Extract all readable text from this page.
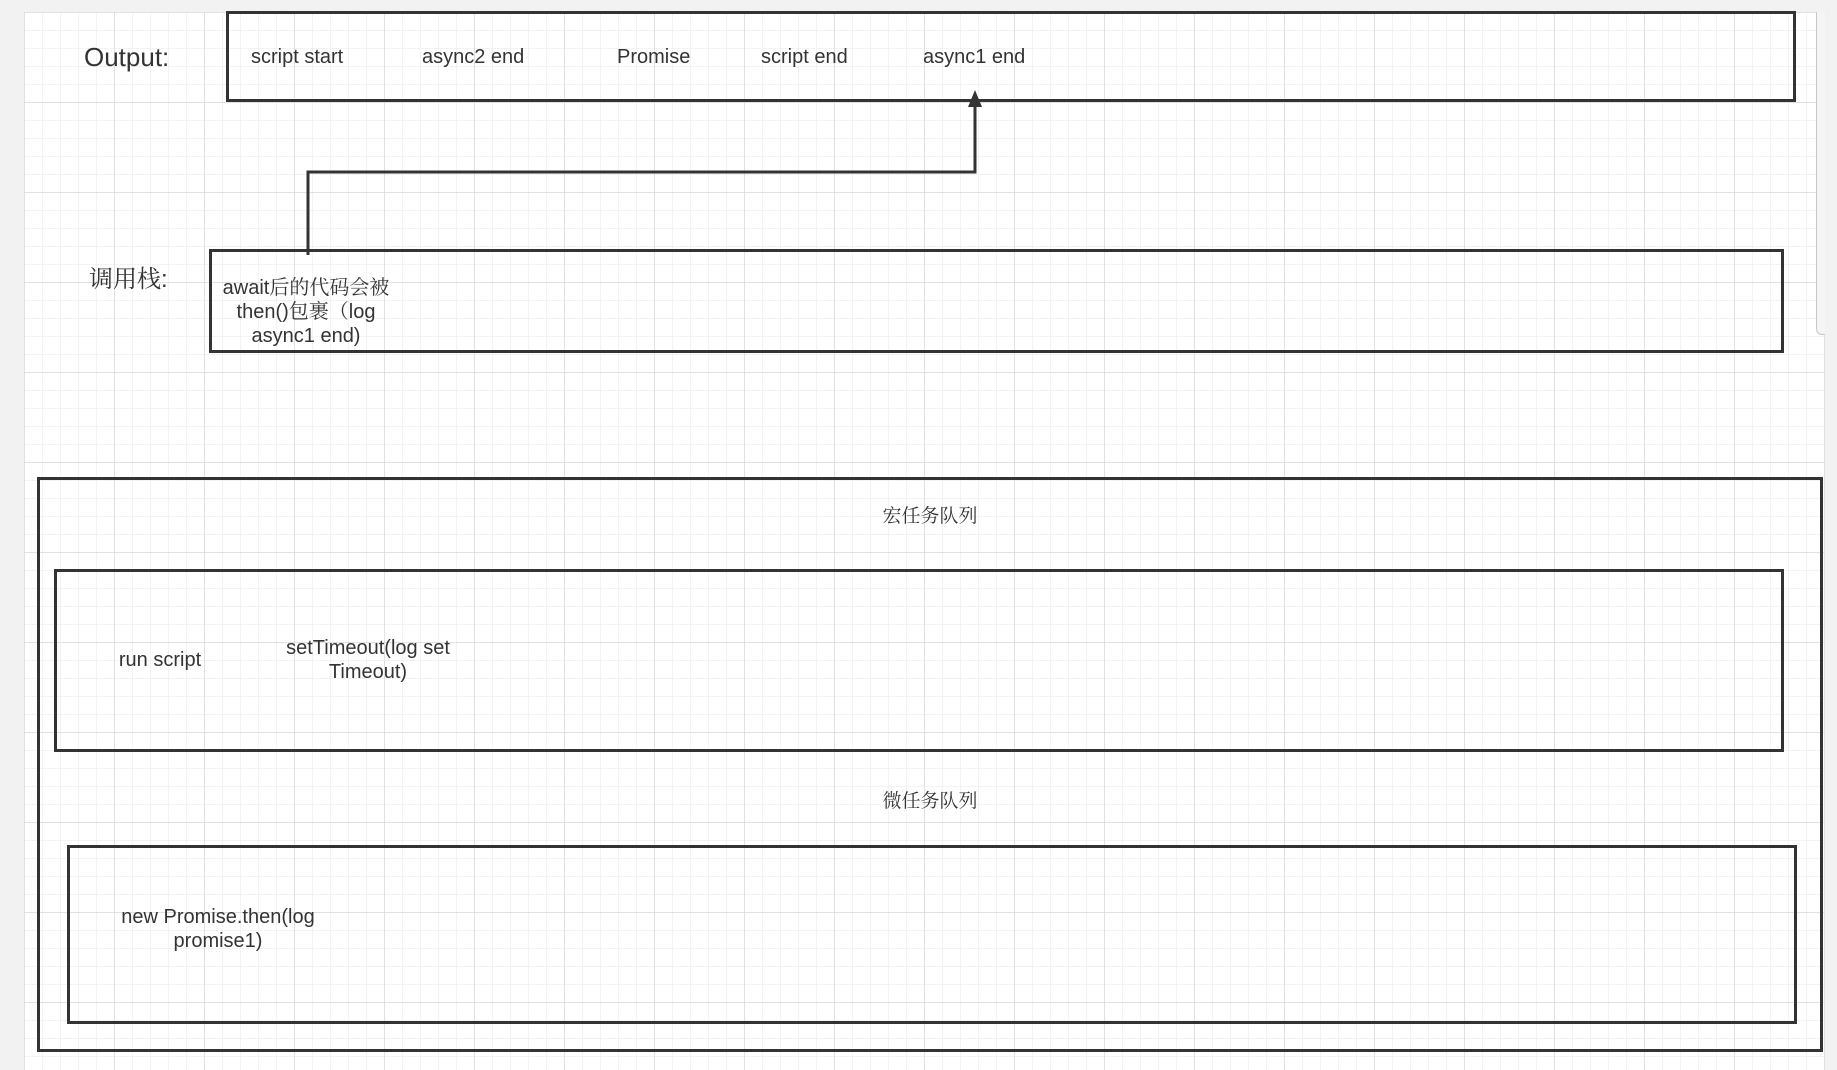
Output:	script start	async2 end	Promise	script end	async1 end
调用栈:	await后的代码会被then()包裹（log async1 end)
宏任务队列
run script
setTimeout(log set Timeout)
微任务队列
new Promise.then(log promise1)
